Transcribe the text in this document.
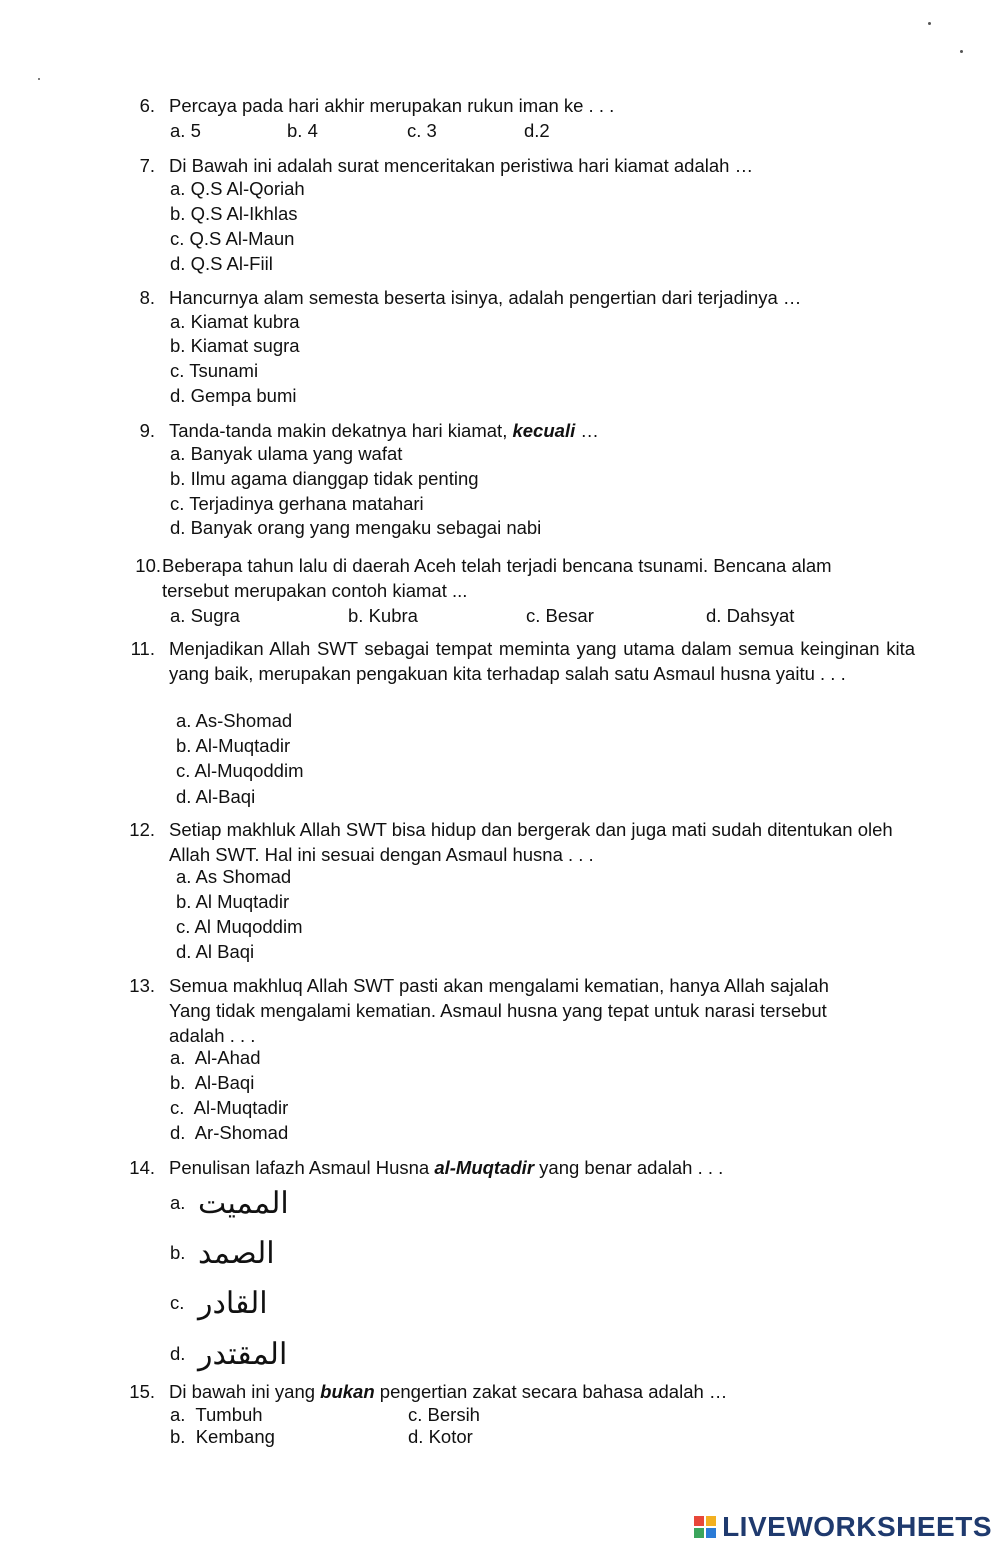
6. Percaya pada hari akhir merupakan rukun iman ke . . .
a. 5	b. 4	c. 3	d.2
7. Di Bawah ini adalah surat menceritakan peristiwa hari kiamat adalah …
a. Q.S Al-Qoriah
b. Q.S Al-Ikhlas
c. Q.S Al-Maun
d. Q.S Al-Fiil
8. Hancurnya alam semesta beserta isinya, adalah pengertian dari terjadinya …
a. Kiamat kubra
b. Kiamat sugra
c. Tsunami
d. Gempa bumi
9. Tanda-tanda makin dekatnya hari kiamat, kecuali …
a. Banyak ulama yang wafat
b. Ilmu agama dianggap tidak penting
c. Terjadinya gerhana matahari
d. Banyak orang yang mengaku sebagai nabi
10. Beberapa tahun lalu di daerah Aceh telah terjadi bencana tsunami. Bencana alam tersebut merupakan contoh kiamat ...
a. Sugra	b. Kubra	c. Besar	d. Dahsyat
11. Menjadikan Allah SWT sebagai tempat meminta yang utama dalam semua keinginan kita yang baik, merupakan pengakuan kita terhadap salah satu Asmaul husna yaitu . . .
a. As-Shomad
b. Al-Muqtadir
c. Al-Muqoddim
d. Al-Baqi
12. Setiap makhluk Allah SWT bisa hidup dan bergerak dan juga mati sudah ditentukan oleh Allah SWT. Hal ini sesuai dengan Asmaul husna . . .
a. As Shomad
b. Al Muqtadir
c. Al Muqoddim
d. Al Baqi
13. Semua makhluq Allah SWT pasti akan mengalami kematian, hanya Allah sajalah Yang tidak mengalami kematian. Asmaul husna yang tepat untuk narasi tersebut adalah . . .
a.  Al-Ahad
b.  Al-Baqi
c.  Al-Muqtadir
d.  Ar-Shomad
14. Penulisan lafazh Asmaul Husna al-Muqtadir yang benar adalah . . .
a. المميت
b. الصمد
c. القادر
d. المقتدر
15. Di bawah ini yang bukan pengertian zakat secara bahasa adalah …
a.  Tumbuh	c. Bersih
b.  Kembang	d. Kotor
LIVEWORKSHEETS
